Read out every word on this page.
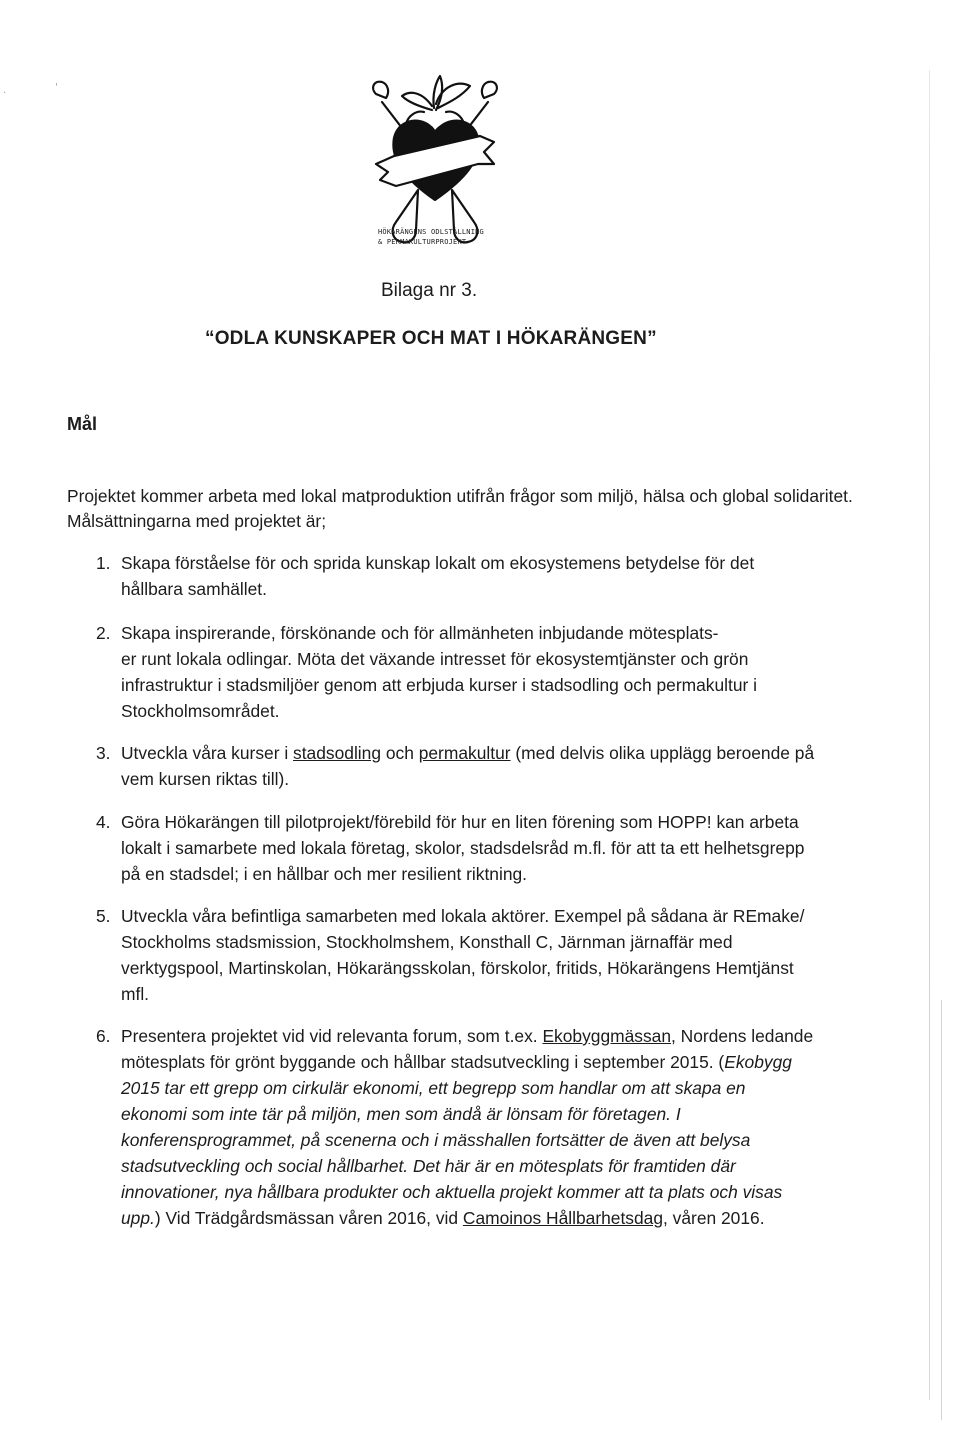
·
'
HÖKARÄNGENS ODLSTÄLLNING
& PERMAKULTURPROJEKT
Bilaga nr 3.
“ODLA KUNSKAPER OCH MAT I HÖKARÄNGEN”
Mål
Projektet kommer arbeta med lokal matproduktion utifrån frågor som miljö, hälsa och global solidaritet. Målsättningarna med projektet är;
1. Skapa förståelse för och sprida kunskap lokalt om ekosystemens betydelse för det hållbara samhället.
2. Skapa inspirerande, förskönande och för allmänheten inbjudande mötesplats-
er runt lokala odlingar. Möta det växande intresset för ekosystemtjänster och grön infrastruktur i stadsmiljöer genom att erbjuda kurser i stadsodling och permakultur i Stockholmsområdet.
3. Utveckla våra kurser i stadsodling och permakultur (med delvis olika upplägg beroende på vem kursen riktas till).
4. Göra Hökarängen till pilotprojekt/förebild för hur en liten förening som HOPP! kan arbeta lokalt i samarbete med lokala företag, skolor, stadsdelsråd m.fl. för att ta ett helhetsgrepp på en stadsdel; i en hållbar och mer resilient riktning.
5. Utveckla våra befintliga samarbeten med lokala aktörer. Exempel på sådana är REmake/ Stockholms stadsmission, Stockholmshem, Konsthall C, Järnman järnaffär med verktygspool, Martinskolan, Hökarängsskolan, förskolor, fritids, Hökarängens Hemtjänst mfl.
6. Presentera projektet vid vid relevanta forum, som t.ex. Ekobyggmässan, Nordens ledande mötesplats för grönt byggande och hållbar stadsutveckling i september 2015. (Ekobygg 2015 tar ett grepp om cirkulär ekonomi, ett begrepp som handlar om att skapa en ekonomi som inte tär på miljön, men som ändå är lönsam för företagen. I konferensprogrammet, på scenerna och i mässhallen fortsätter de även att belysa stadsutveckling och social hållbarhet. Det här är en mötesplats för framtiden där innovationer, nya hållbara produkter och aktuella projekt kommer att ta plats och visas upp.) Vid Trädgårdsmässan våren 2016, vid Camoinos Hållbarhetsdag, våren 2016.
